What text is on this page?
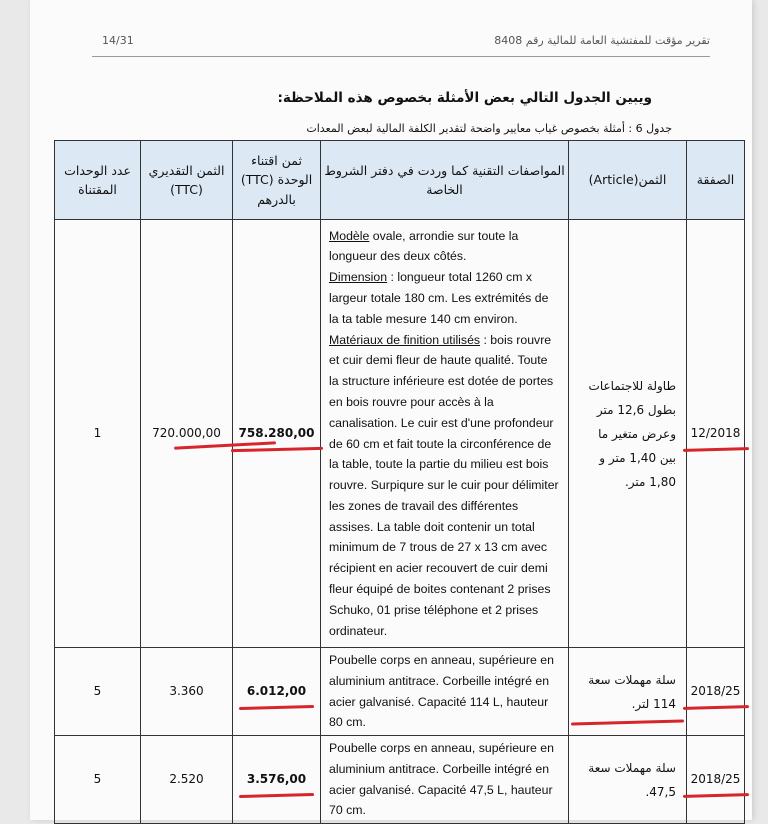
14/31	تقرير مؤقت للمفتشية العامة للمالية رقم 8408
ويبين الجدول التالي بعض الأمثلة بخصوص هذه الملاحظة:
جدول 6 : أمثلة بخصوص غياب معايير واضحة لتقدير الكلفة المالية لبعض المعدات
الصفقة	الثمن(Article)	المواصفات التقنية كما وردت في دفتر الشروط الخاصة	ثمن اقتناء الوحدة (TTC) بالدرهم	الثمن التقديري (TTC)	عدد الوحدات المقتناة
12/2018	طاولة للاجتماعات بطول 12,6 متر وعرض متغير ما بين 1,40 متر و 1,80 متر.	Modèle ovale, arrondie sur toute la longueur des deux côtés.
Dimension : longueur total 1260 cm x largeur totale 180 cm. Les extrémités de la ta table mesure 140 cm environ.
Matériaux de finition utilisés : bois rouvre et cuir demi fleur de haute qualité. Toute la structure inférieure est dotée de portes en bois rouvre pour accès à la canalisation. Le cuir est d'une profondeur de 60 cm et fait toute la circonférence de la table, toute la partie du milieu est bois rouvre. Surpiqure sur le cuir pour délimiter les zones de travail des différentes assises. La table doit contenir un total minimum de 7 trous de 27 x 13 cm avec récipient en acier recouvert de cuir demi fleur équipé de boites contenant 2 prises Schuko, 01 prise téléphone et 2 prises ordinateur.	758.280,00	720.000,00	1
2018/25	سلة مهملات سعة 114 لتر.	Poubelle corps en anneau, supérieure en aluminium antitrace. Corbeille intégré en acier galvanisé. Capacité 114 L, hauteur 80 cm.	6.012,00	3.360	5
2018/25	سلة مهملات سعة 47,5.	Poubelle corps en anneau, supérieure en aluminium antitrace. Corbeille intégré en acier galvanisé. Capacité 47,5 L, hauteur 70 cm.	3.576,00	2.520	5
